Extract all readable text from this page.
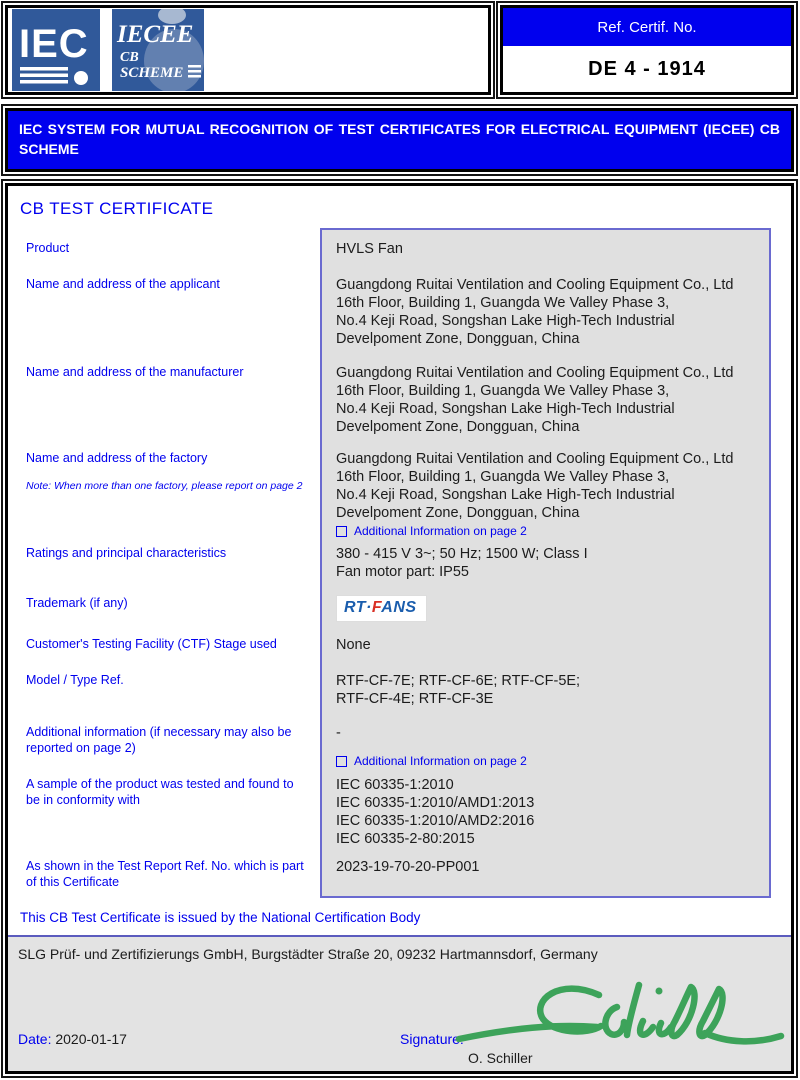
IEC IECEE
CB
SCHEME
Ref. Certif. No.
DE 4 - 1914
IEC SYSTEM FOR MUTUAL RECOGNITION OF TEST CERTIFICATES FOR ELECTRICAL EQUIPMENT (IECEE) CB SCHEME
CB TEST CERTIFICATE
Product
Name and address of the applicant
Name and address of the manufacturer
Name and address of the factory
Note: When more than one factory, please report on page 2
Ratings and principal characteristics
Trademark (if any)
Customer's Testing Facility (CTF) Stage used
Model / Type Ref.
Additional information (if necessary may also be reported on page 2)
A sample of the product was tested and found to be in conformity with
As shown in the Test Report Ref. No. which is part of this Certificate
HVLS Fan
Guangdong Ruitai Ventilation and Cooling Equipment Co., Ltd
16th Floor, Building 1, Guangda We Valley Phase 3,
No.4 Keji Road, Songshan Lake High-Tech Industrial
Develpoment Zone, Dongguan, China
Guangdong Ruitai Ventilation and Cooling Equipment Co., Ltd
16th Floor, Building 1, Guangda We Valley Phase 3,
No.4 Keji Road, Songshan Lake High-Tech Industrial
Develpoment Zone, Dongguan, China
Guangdong Ruitai Ventilation and Cooling Equipment Co., Ltd
16th Floor, Building 1, Guangda We Valley Phase 3,
No.4 Keji Road, Songshan Lake High-Tech Industrial
Develpoment Zone, Dongguan, China
Additional Information on page 2
380 - 415 V 3~; 50 Hz; 1500 W; Class I
Fan motor part: IP55
RT·FANS
None
RTF-CF-7E; RTF-CF-6E; RTF-CF-5E;
RTF-CF-4E; RTF-CF-3E
-
Additional Information on page 2
IEC 60335-1:2010
IEC 60335-1:2010/AMD1:2013
IEC 60335-1:2010/AMD2:2016
IEC 60335-2-80:2015
2023-19-70-20-PP001
This CB Test Certificate is issued by the National Certification Body
SLG Prüf- und Zertifizierungs GmbH, Burgstädter Straße 20, 09232 Hartmannsdorf, Germany
Date: 2020-01-17	Signature:
O. Schiller
